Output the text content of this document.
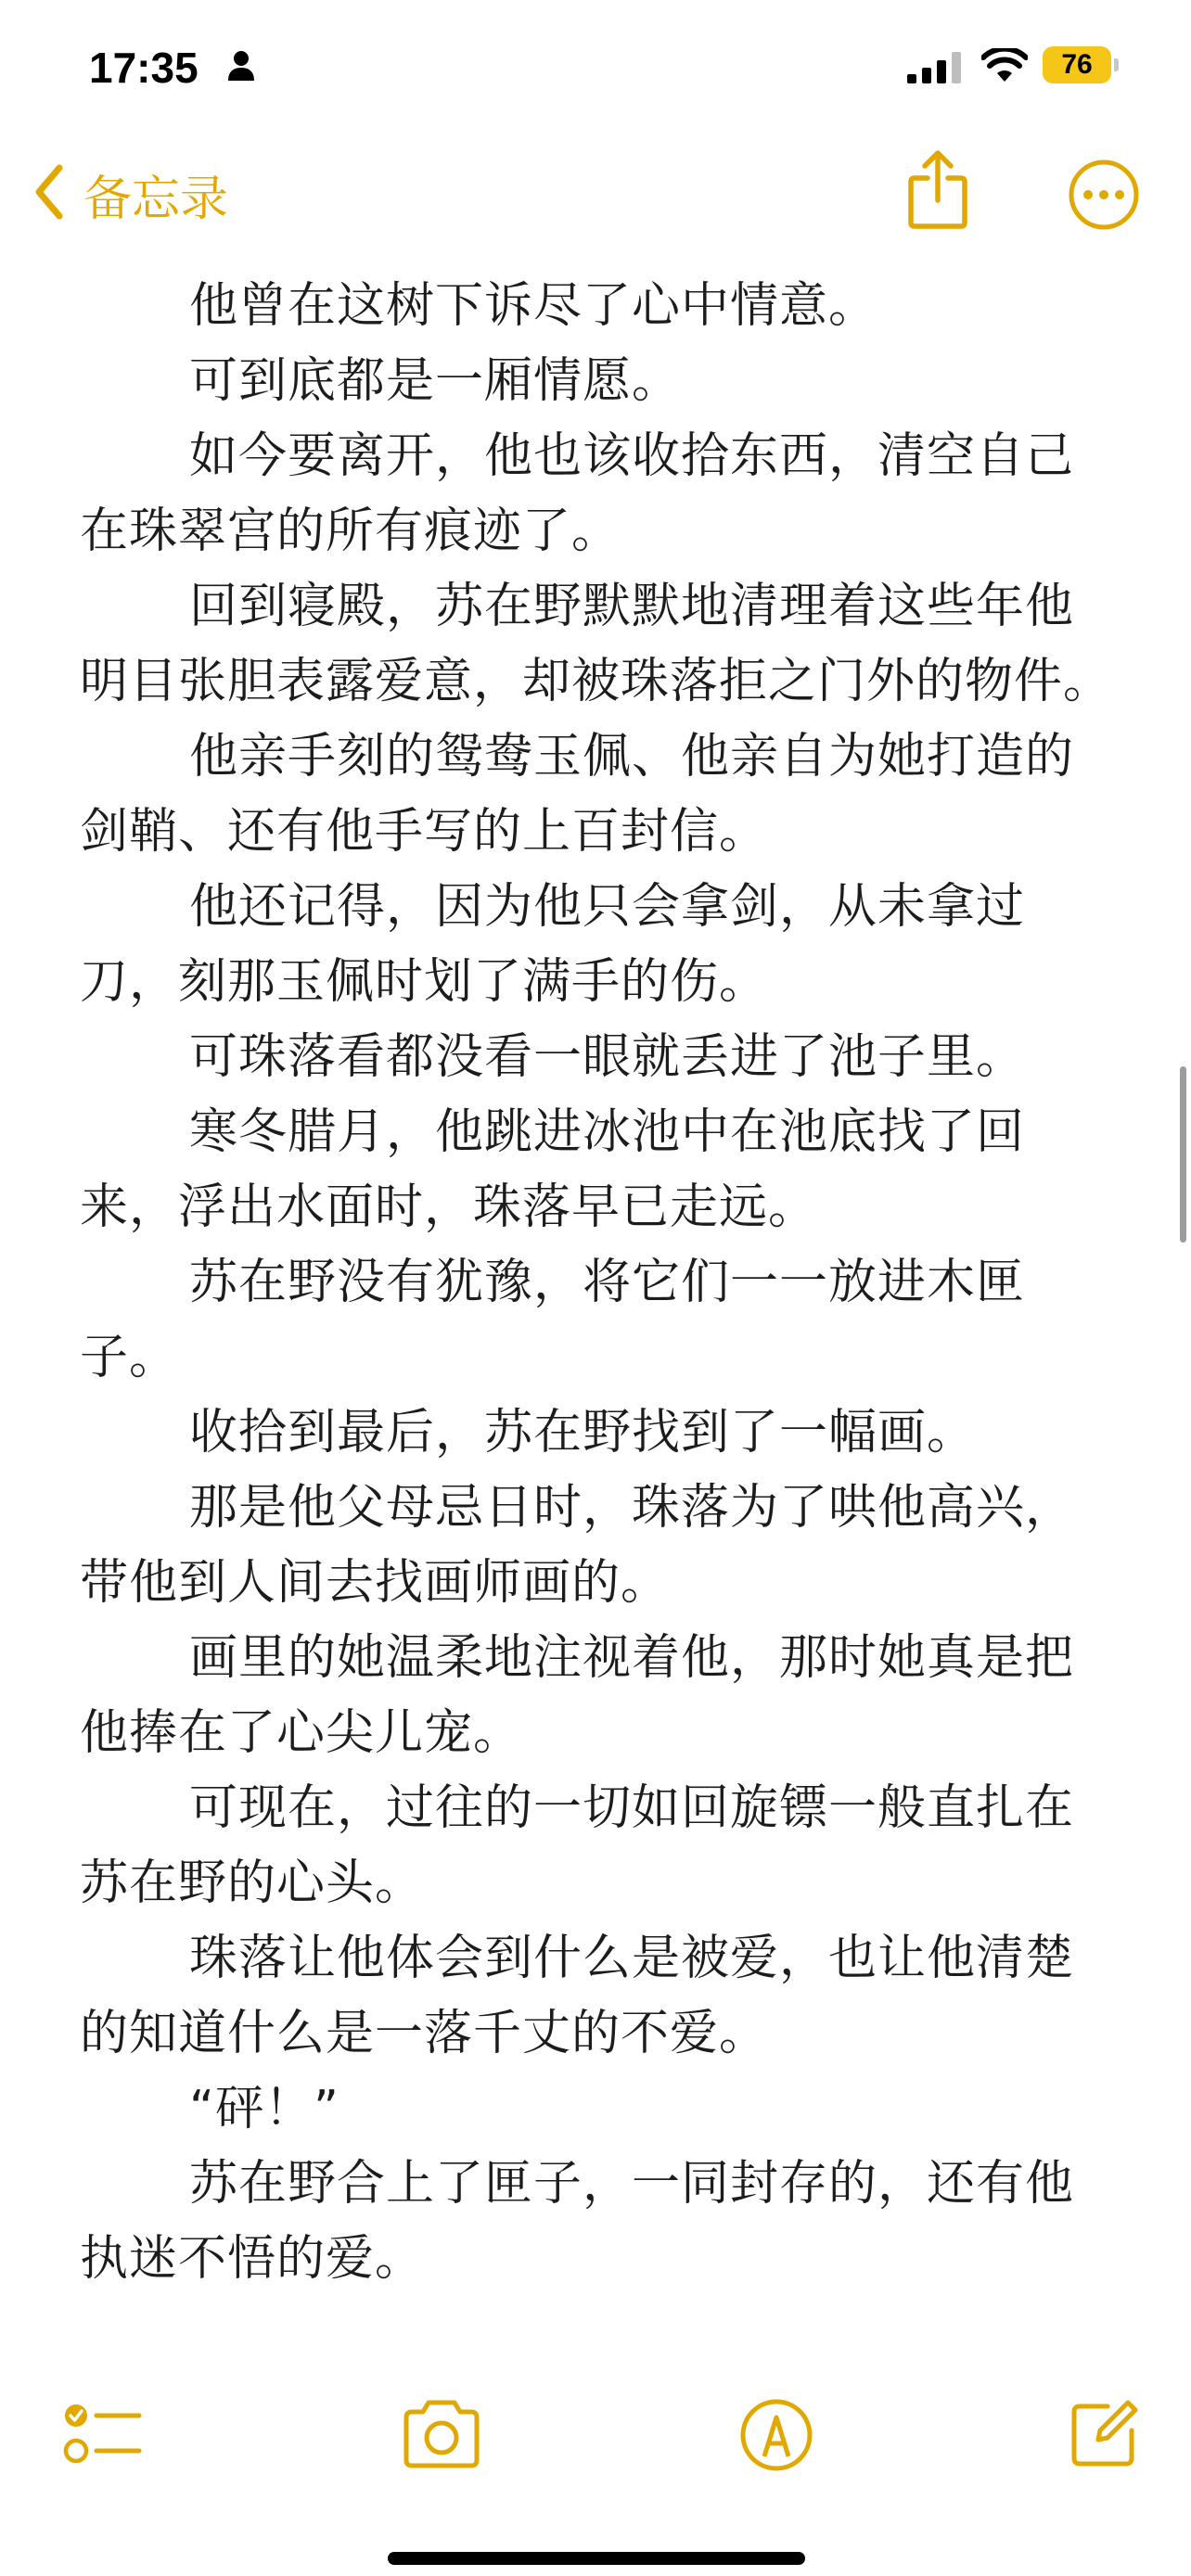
17:35	76
备忘录

他曾在这树下诉尽了心中情意。

可到底都是一厢情愿。

如今要离开，他也该收拾东西，清空自己在珠翠宫的所有痕迹了。

回到寝殿，苏在野默默地清理着这些年他明目张胆表露爱意，却被珠落拒之门外的物件。

他亲手刻的鸳鸯玉佩、他亲自为她打造的剑鞘、还有他手写的上百封信。

他还记得，因为他只会拿剑，从未拿过刀，刻那玉佩时划了满手的伤。

可珠落看都没看一眼就丢进了池子里。

寒冬腊月，他跳进冰池中在池底找了回来，浮出水面时，珠落早已走远。

苏在野没有犹豫，将它们一一放进木匣子。

收拾到最后，苏在野找到了一幅画。

那是他父母忌日时，珠落为了哄他高兴，带他到人间去找画师画的。

画里的她温柔地注视着他，那时她真是把他捧在了心尖儿宠。

可现在，过往的一切如回旋镖一般直扎在苏在野的心头。

珠落让他体会到什么是被爱，也让他清楚的知道什么是一落千丈的不爱。

“砰！”

苏在野合上了匣子，一同封存的，还有他执迷不悟的爱。
